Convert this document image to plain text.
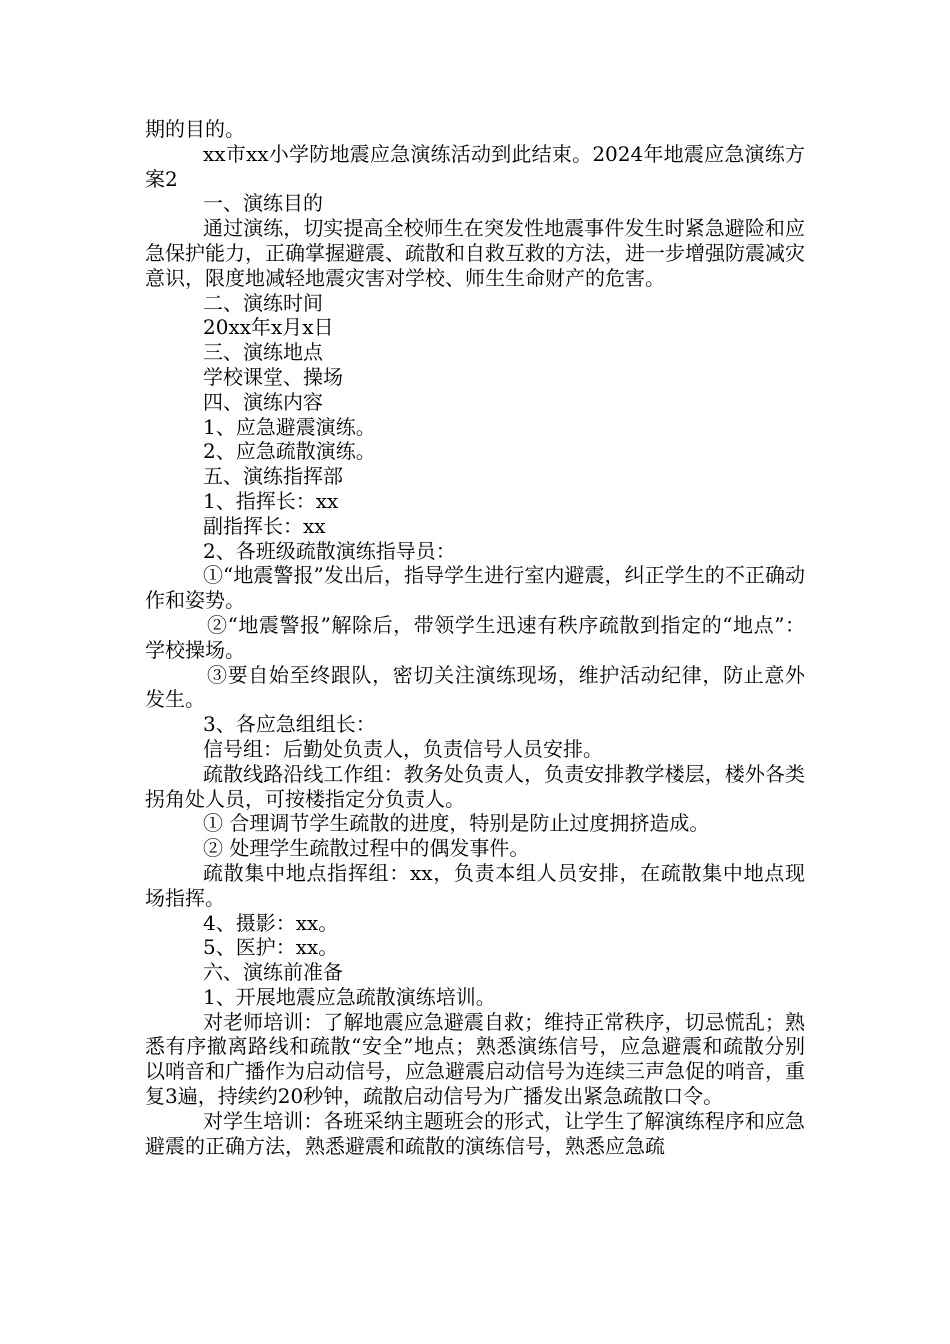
期的目的。

xx市xx小学防地震应急演练活动到此结束。2024年地震应急演练方案2

一、演练目的

通过演练，切实提高全校师生在突发性地震事件发生时紧急避险和应急保护能力，正确掌握避震、疏散和自救互救的方法，进一步增强防震减灾意识，限度地减轻地震灾害对学校、师生生命财产的危害。

二、演练时间

20xx年x月x日

三、演练地点

学校课堂、操场

四、演练内容

1、应急避震演练。

2、应急疏散演练。

五、演练指挥部

1、指挥长：xx

副指挥长：xx

2、各班级疏散演练指导员：

①“地震警报”发出后，指导学生进行室内避震，纠正学生的不正确动作和姿势。

②“地震警报”解除后，带领学生迅速有秩序疏散到指定的“地点”：学校操场。

③要自始至终跟队，密切关注演练现场，维护活动纪律，防止意外发生。

3、各应急组组长：

信号组：后勤处负责人，负责信号人员安排。

疏散线路沿线工作组：教务处负责人，负责安排教学楼层，楼外各类拐角处人员，可按楼指定分负责人。

① 合理调节学生疏散的进度，特别是防止过度拥挤造成。

② 处理学生疏散过程中的偶发事件。

疏散集中地点指挥组：xx，负责本组人员安排，在疏散集中地点现场指挥。

4、摄影：xx。

5、医护：xx。

六、演练前准备

1、开展地震应急疏散演练培训。

对老师培训：了解地震应急避震自救；维持正常秩序，切忌慌乱；熟悉有序撤离路线和疏散“安全”地点；熟悉演练信号，应急避震和疏散分别以哨音和广播作为启动信号，应急避震启动信号为连续三声急促的哨音，重复3遍，持续约20秒钟，疏散启动信号为广播发出紧急疏散口令。

对学生培训：各班采纳主题班会的形式，让学生了解演练程序和应急避震的正确方法，熟悉避震和疏散的演练信号，熟悉应急疏
